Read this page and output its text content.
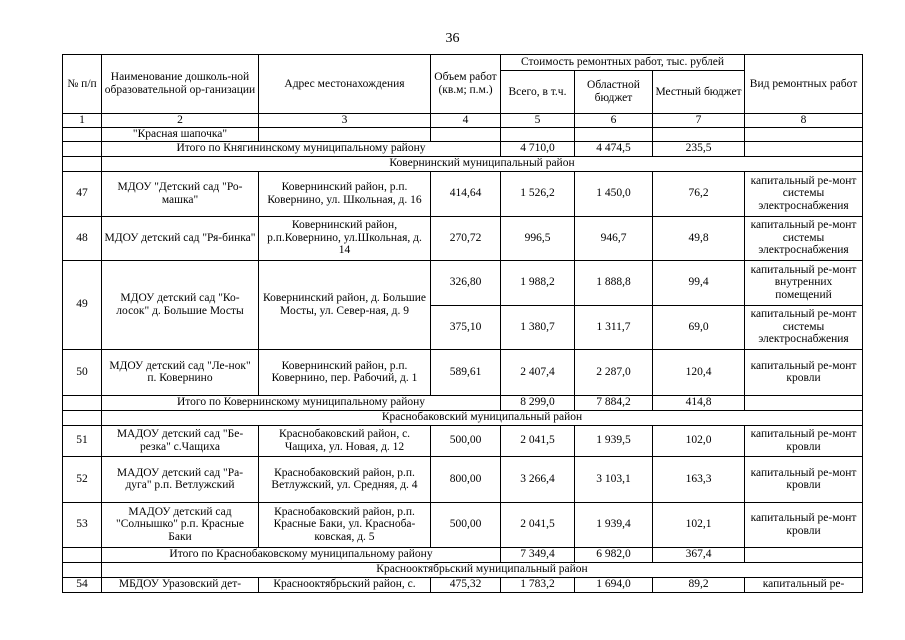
36
№ п/п	Наименование дошколь-ной образовательной ор-ганизации	Адрес местонахождения	Объем работ (кв.м; п.м.)	Стоимость ремонтных работ, тыс. рублей			Вид ремонтных работ
				Всего, в т.ч.	Областной бюджет	Местный бюджет	
1	2	3	4	5	6	7	8
	"Красная шапочка"						
	Итого по Княгининскому муниципальному району			4 710,0	4 474,5	235,5	
	Ковернинский муниципальный район						
47	МДОУ "Детский сад "Ро-машка"	Ковернинский район, р.п. Ковернино, ул. Школьная, д. 16	414,64	1 526,2	1 450,0	76,2	капитальный ре-монт системы электроснабжения
48	МДОУ детский сад "Ря-бинка"	Ковернинский район, р.п.Ковернино, ул.Школьная, д. 14	270,72	996,5	946,7	49,8	капитальный ре-монт системы электроснабжения
49	МДОУ детский сад "Ко-лосок" д. Большие Мосты	Ковернинский район, д. Большие Мосты, ул. Север-ная, д. 9	326,80	1 988,2	1 888,8	99,4	капитальный ре-монт внутренних помещений
			375,10	1 380,7	1 311,7	69,0	капитальный ре-монт системы электроснабжения
50	МДОУ детский сад "Ле-нок" п. Ковернино	Ковернинский район, р.п. Ковернино, пер. Рабочий, д. 1	589,61	2 407,4	2 287,0	120,4	капитальный ре-монт кровли
	Итого по Ковернинскому муниципальному району			8 299,0	7 884,2	414,8	
	Краснобаковский муниципальный район						
51	МАДОУ детский сад "Бе-резка" с.Чащиха	Краснобаковский район, с. Чащиха, ул. Новая, д. 12	500,00	2 041,5	1 939,5	102,0	капитальный ре-монт кровли
52	МАДОУ детский сад "Ра-дуга" р.п. Ветлужский	Краснобаковский район, р.п. Ветлужский, ул. Средняя, д. 4	800,00	3 266,4	3 103,1	163,3	капитальный ре-монт кровли
53	МАДОУ детский сад "Солнышко" р.п. Красные Баки	Краснобаковский район, р.п. Красные Баки, ул. Краснобa-ковская, д. 5	500,00	2 041,5	1 939,4	102,1	капитальный ре-монт кровли
	Итого по Краснобаковскому муниципальному району			7 349,4	6 982,0	367,4	
	Краснооктябрьский муниципальный район						
54	МБДОУ Уразовский дет-	Краснооктябрьский район, с.	475,32	1 783,2	1 694,0	89,2	капитальный ре-
